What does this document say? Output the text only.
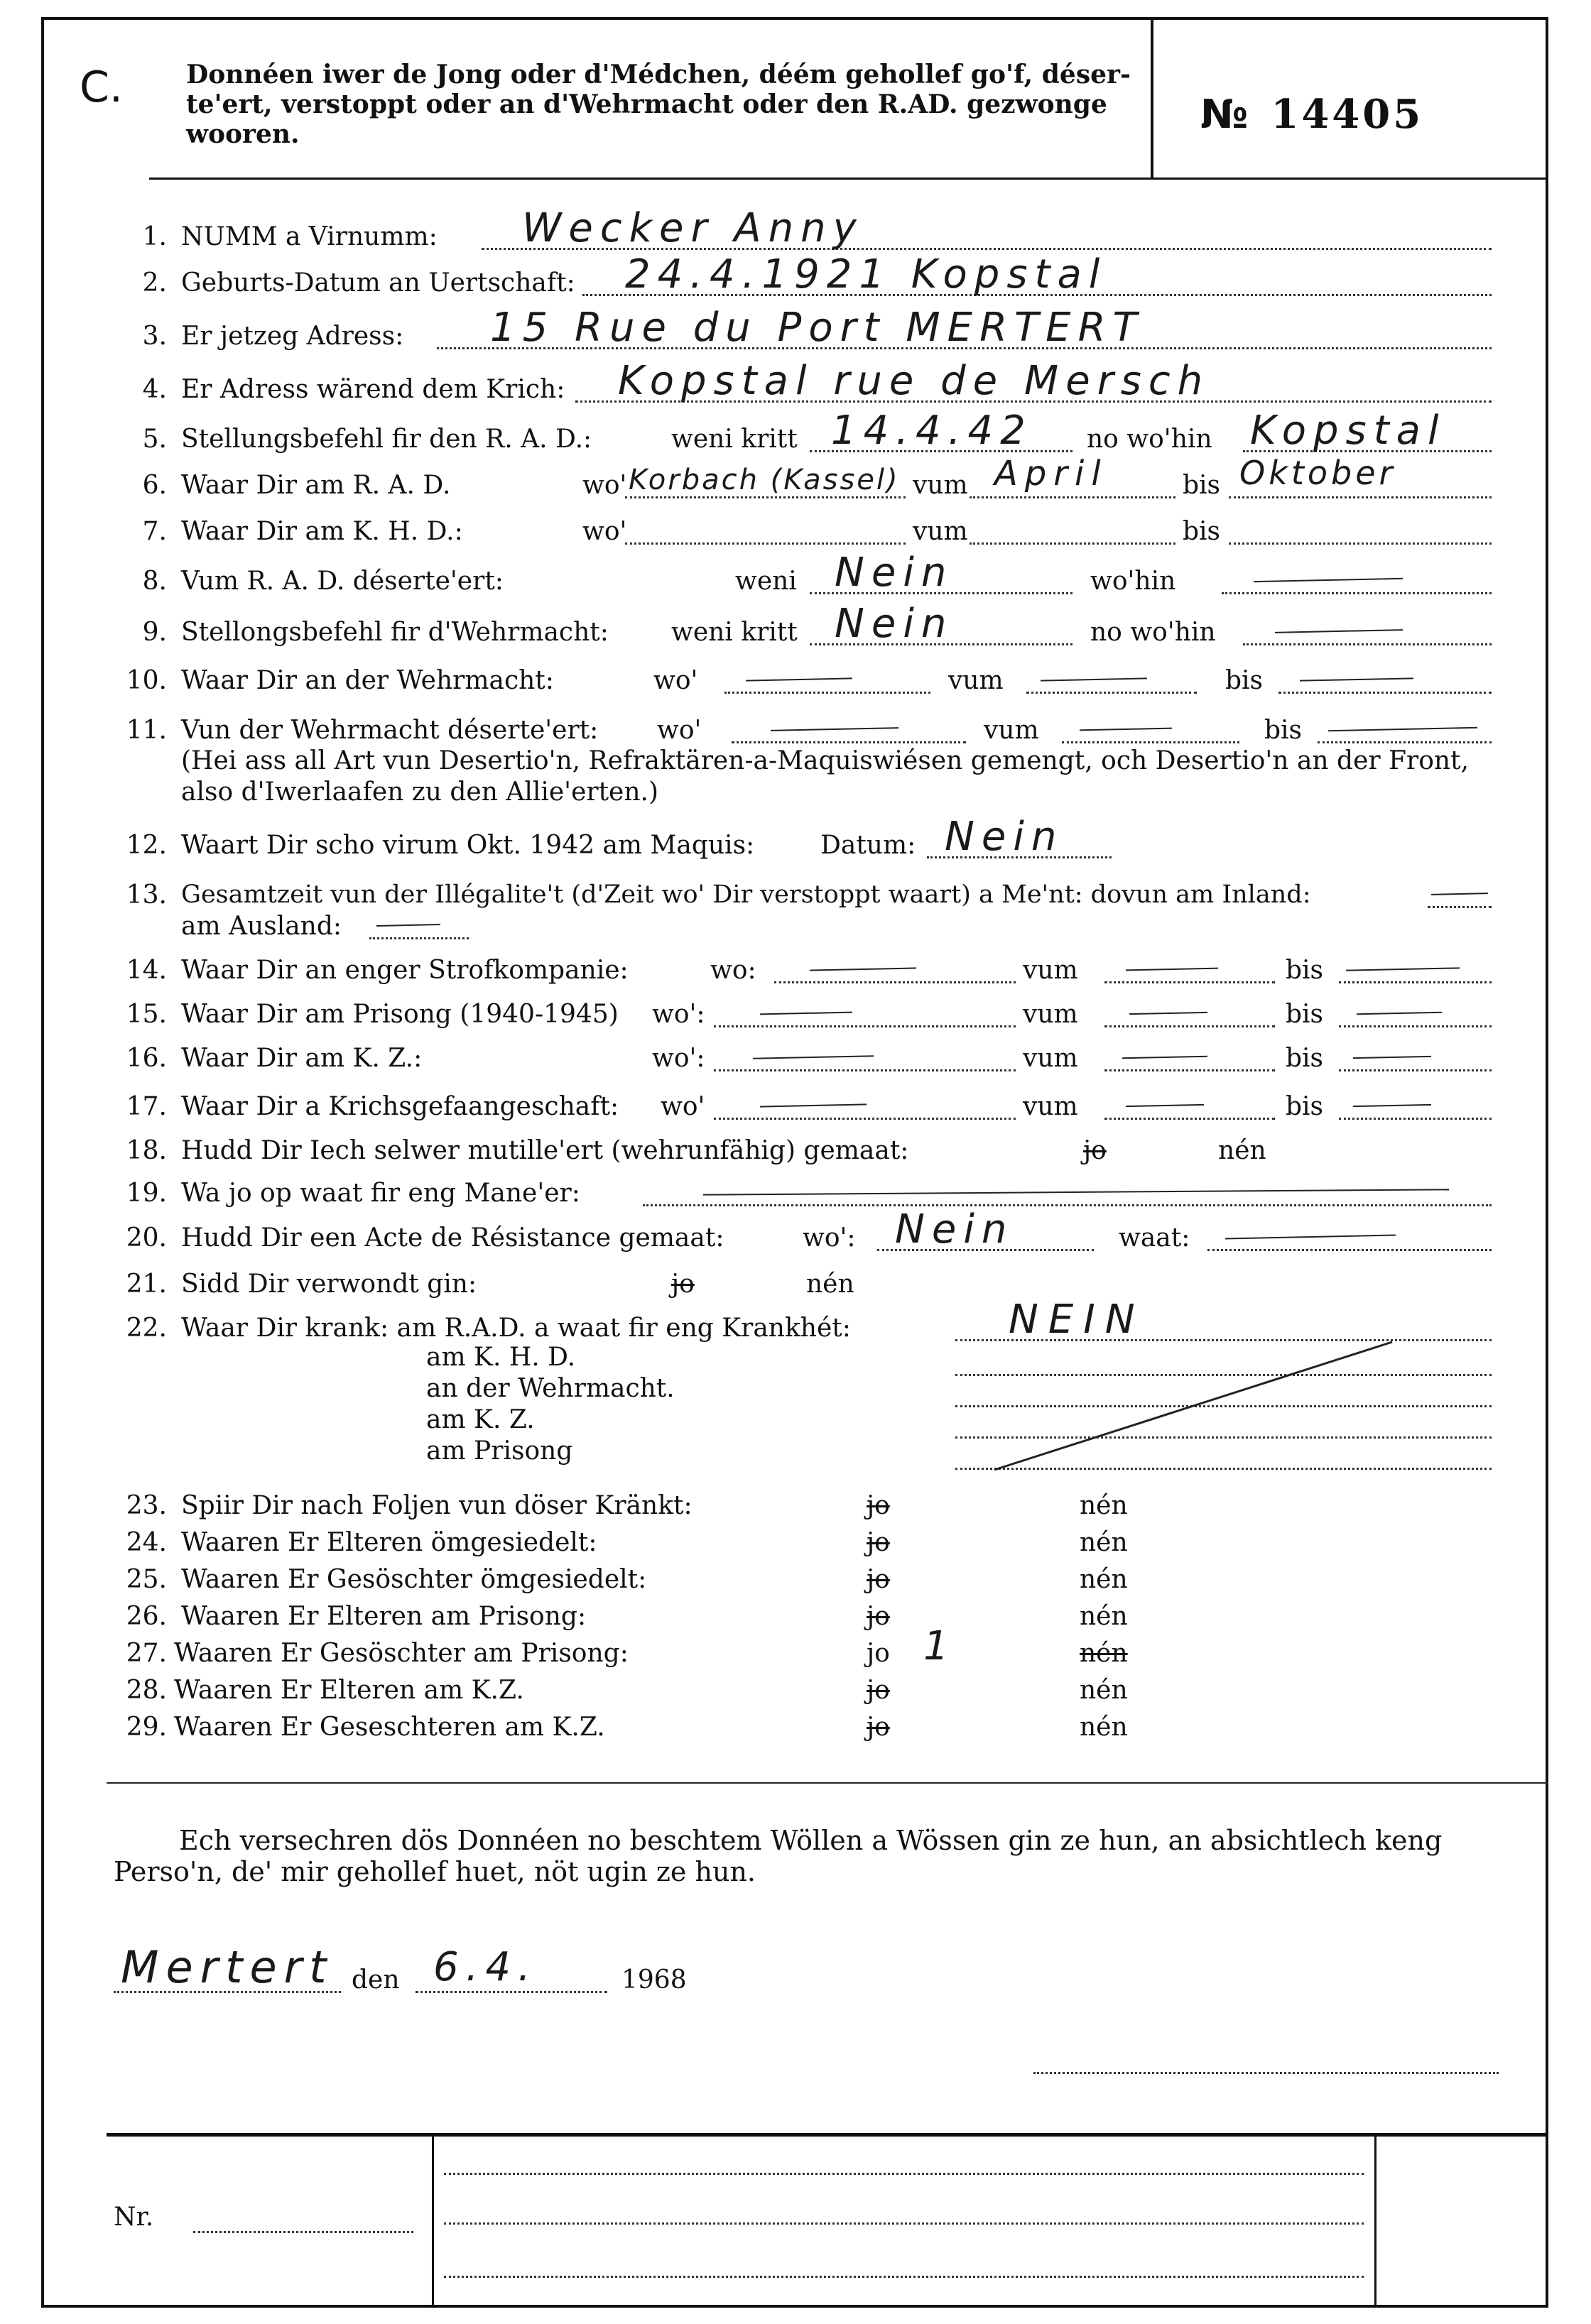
C. Donnéen iwer de Jong oder d'Médchen, déém gehollef go'f, déser-te'ert, verstoppt oder an d'Wehrmacht oder den R.AD. gezwonge wooren.	№ 14405
1. NUMM a Virnumm: Wecker Anny
2. Geburts-Datum an Uertschaft: 24.4.1921 Kopstal
3. Er jetzeg Adress: 15 Rue du Port MERTERT
4. Er Adress wärend dem Krich: Kopstal rue de Mersch
5. Stellungsbefehl fir den R. A. D.:	weni kritt 14.4.42 no wo'hin Kopstal
6. Waar Dir am R. A. D.	wo' Korbach (Kassel) vum April	bis Oktober
7. Waar Dir am K. H. D.:	wo'	vum	bis
8. Vum R. A. D. déserte'ert:	weni Nein	wo'hin
9. Stellongsbefehl fir d'Wehrmacht: weni kritt Nein	no wo'hin
10. Waar Dir an der Wehrmacht:	wo'	vum	bis
11. Vun der Wehrmacht déserte'ert: wo'	vum	bis
(Hei ass all Art vun Desertio'n, Refraktären-a-Maquiswiésen gemengt, och Desertio'n an der Front, also d'Iwerlaafen zu den Allie'erten.)
12. Waart Dir scho virum Okt. 1942 am Maquis:	Datum: Nein
13. Gesamtzeit vun der Illégalite't (d'Zeit wo' Dir verstoppt waart) a Me'nt: dovun am Inland:
am Ausland:
14. Waar Dir an enger Strofkompanie:	wo:	vum	bis
15. Waar Dir am Prisong (1940-1945) wo':	vum	bis
16. Waar Dir am K. Z.:	wo':	vum	bis
17. Waar Dir a Krichsgefaangeschaft: wo'	vum	bis
18. Hudd Dir Iech selwer mutille'ert (wehrunfähig) gemaat:	jo	nén
19. Wa jo op waat fir eng Mane'er:
20. Hudd Dir een Acte de Résistance gemaat:	wo': Nein	waat:
21. Sidd Dir verwondt gin:	jo	nén
22. Waar Dir krank: am R.A.D. a waat fir eng Krankhét:	NEIN
am K. H. D.
an der Wehrmacht.
am K. Z.
am Prisong
23. Spiir Dir nach Foljen vun döser Kränkt:	jo	nén
24. Waaren Er Elteren ömgesiedelt:	jo	nén
25. Waaren Er Gesöschter ömgesiedelt:	jo	nén
26. Waaren Er Elteren am Prisong:	jo	nén
27. Waaren Er Gesöschter am Prisong:	jo 1	nén
28. Waaren Er Elteren am K.Z.	jo	nén
29. Waaren Er Geseschteren am K.Z.	jo	nén
Ech versechren dös Donnéen no beschtem Wöllen a Wössen gin ze hun, an absichtlech keng Perso'n, de' mir gehollef huet, nöt ugin ze hun.
Mertert den 6.4.	1968
Nr.
